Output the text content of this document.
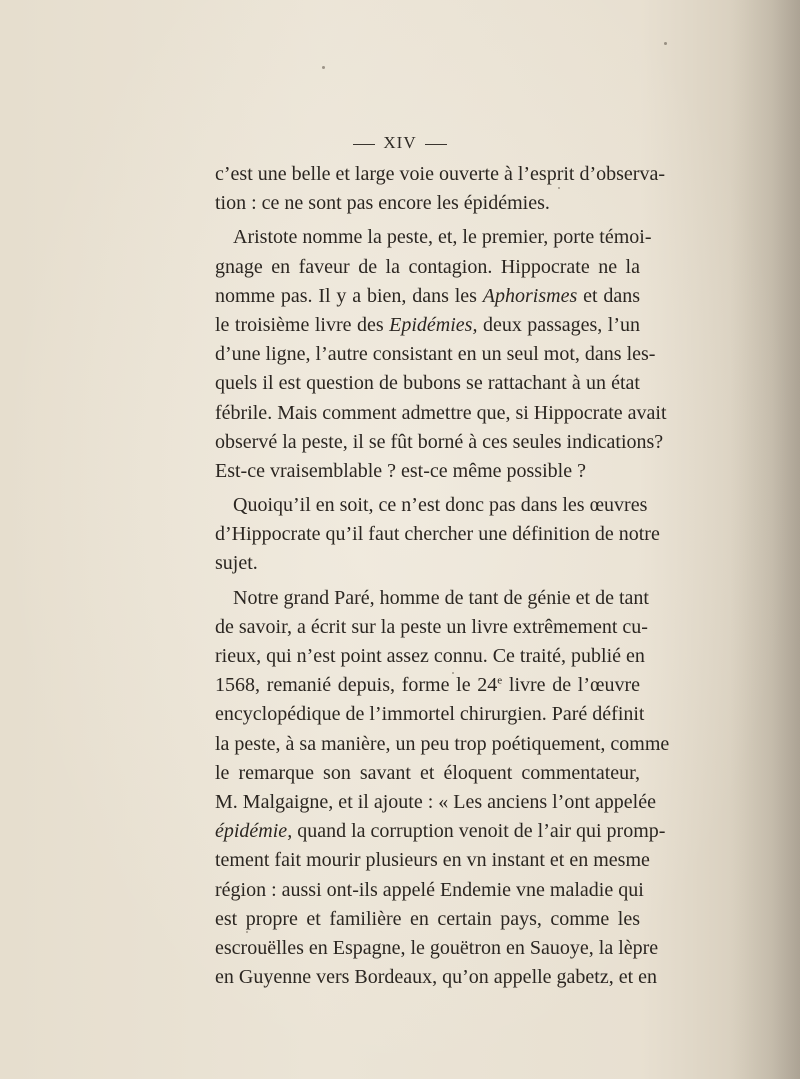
XIV
c’est une belle et large voie ouverte à l’esprit d’observa-
tion : ce ne sont pas encore les épidémies.
Aristote nomme la peste, et, le premier, porte témoi-
gnage en faveur de la contagion. Hippocrate ne la
nomme pas. Il y a bien, dans les Aphorismes et dans
le troisième livre des Epidémies, deux passages, l’un
d’une ligne, l’autre consistant en un seul mot, dans les-
quels il est question de bubons se rattachant à un état
fébrile. Mais comment admettre que, si Hippocrate avait
observé la peste, il se fût borné à ces seules indications?
Est-ce vraisemblable ? est-ce même possible ?
Quoiqu’il en soit, ce n’est donc pas dans les œuvres
d’Hippocrate qu’il faut chercher une définition de notre
sujet.
Notre grand Paré, homme de tant de génie et de tant
de savoir, a écrit sur la peste un livre extrêmement cu-
rieux, qui n’est point assez connu. Ce traité, publié en
1568, remanié depuis, forme le 24e livre de l’œuvre
encyclopédique de l’immortel chirurgien. Paré définit
la peste, à sa manière, un peu trop poétiquement, comme
le remarque son savant et éloquent commentateur,
M. Malgaigne, et il ajoute : « Les anciens l’ont appelée
épidémie, quand la corruption venoit de l’air qui promp-
tement fait mourir plusieurs en vn instant et en mesme
région : aussi ont-ils appelé Endemie vne maladie qui
est propre et familière en certain pays, comme les
escrouëlles en Espagne, le gouëtron en Sauoye, la lèpre
en Guyenne vers Bordeaux, qu’on appelle gabetz, et en
